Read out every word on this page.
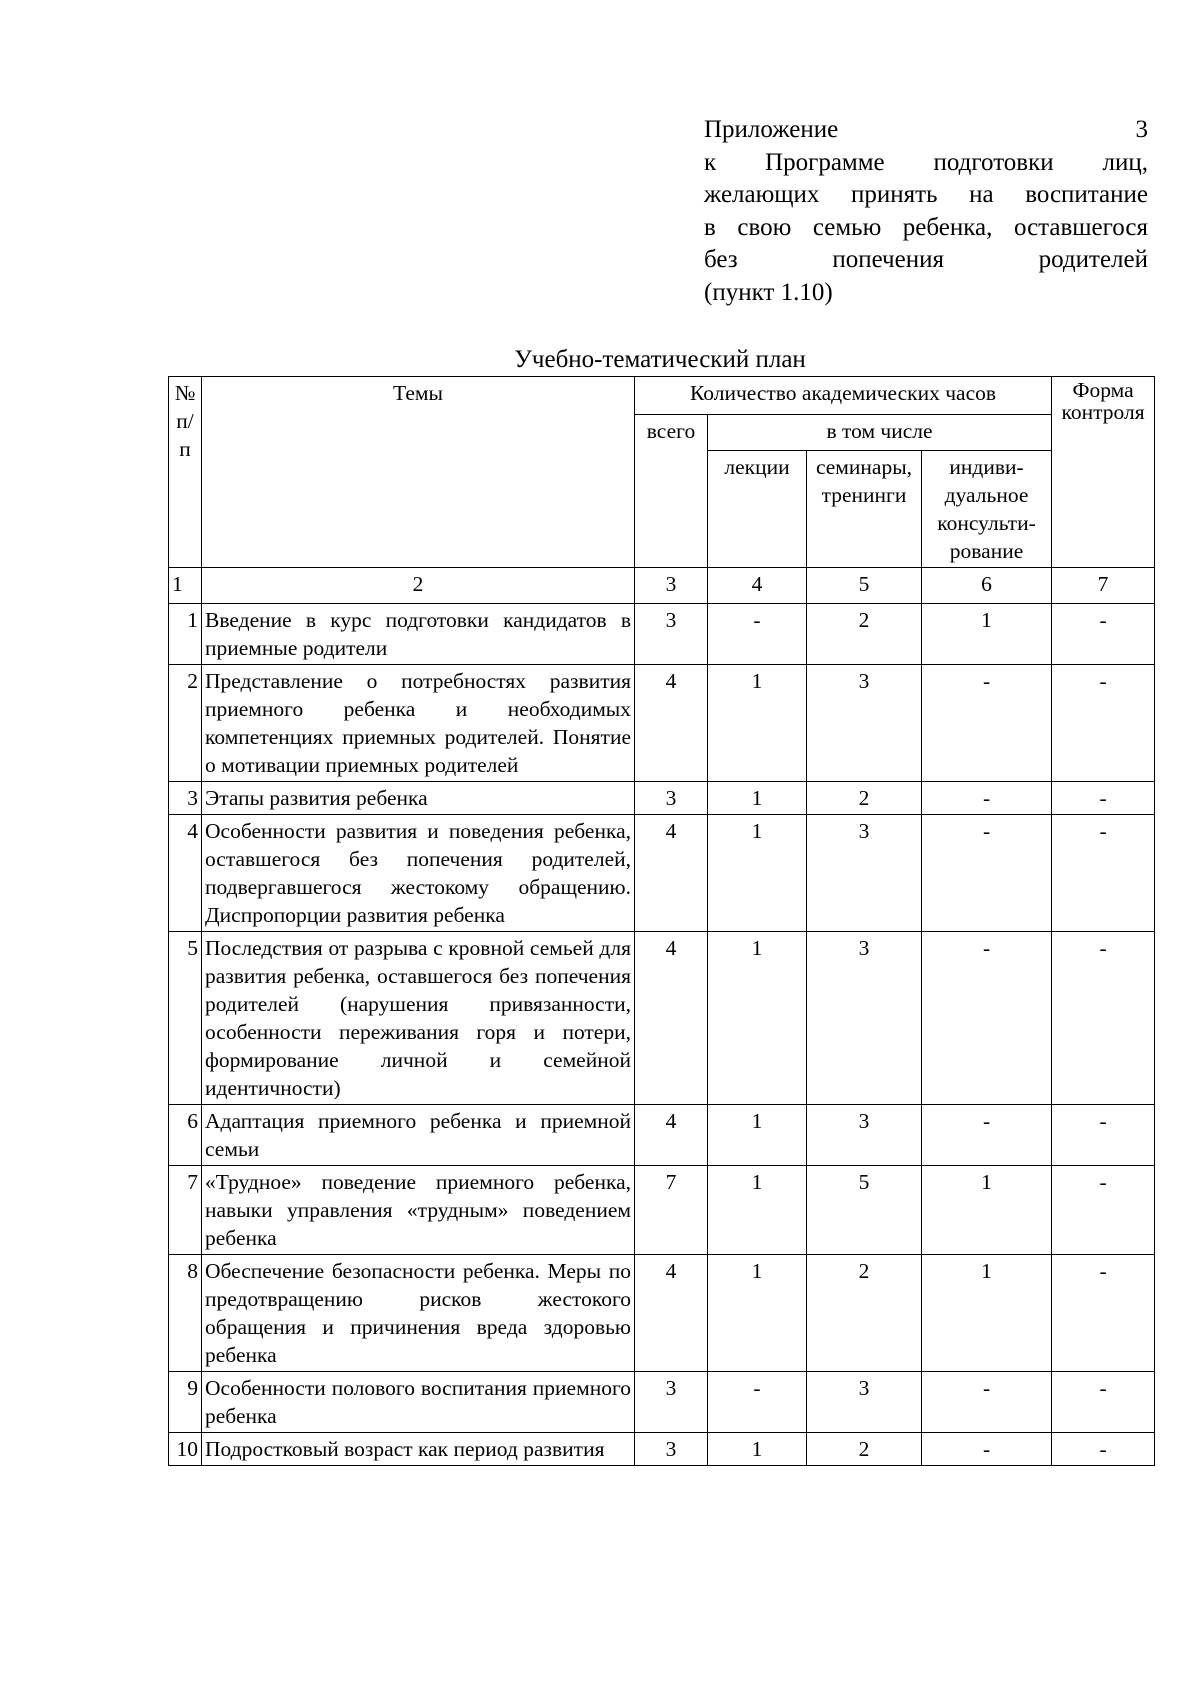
Приложение 3
к Программе подготовки лиц,
желающих принять на воспитание
в свою семью ребенка, оставшегося
без попечения родителей
(пункт 1.10)
Учебно-тематический план
№ п/ п	Темы	Количество академических часов				Форма контроля
		всего	в том числе			
			лекции	семинары, тренинги	индиви- дуальное консульти- рование	
1	2	3	4	5	6	7
1	Введение в курс подготовки кандидатов в приемные родители	3	-	2	1	-
2	Представление о потребностях развития приемного ребенка и необходимых компетенциях приемных родителей. Понятие о мотивации приемных родителей	4	1	3	-	-
3	Этапы развития ребенка	3	1	2	-	-
4	Особенности развития и поведения ребенка, оставшегося без попечения родителей, подвергавшегося жестокому обращению. Диспропорции развития ребенка	4	1	3	-	-
5	Последствия от разрыва с кровной семьей для развития ребенка, оставшегося без попечения родителей (нарушения привязанности, особенности переживания горя и потери, формирование личной и семейной идентичности)	4	1	3	-	-
6	Адаптация приемного ребенка и приемной семьи	4	1	3	-	-
7	«Трудное» поведение приемного ребенка, навыки управления «трудным» поведением ребенка	7	1	5	1	-
8	Обеспечение безопасности ребенка. Меры по предотвращению рисков жестокого обращения и причинения вреда здоровью ребенка	4	1	2	1	-
9	Особенности полового воспитания приемного ребенка	3	-	3	-	-
10	Подростковый возраст как период развития	3	1	2	-	-
